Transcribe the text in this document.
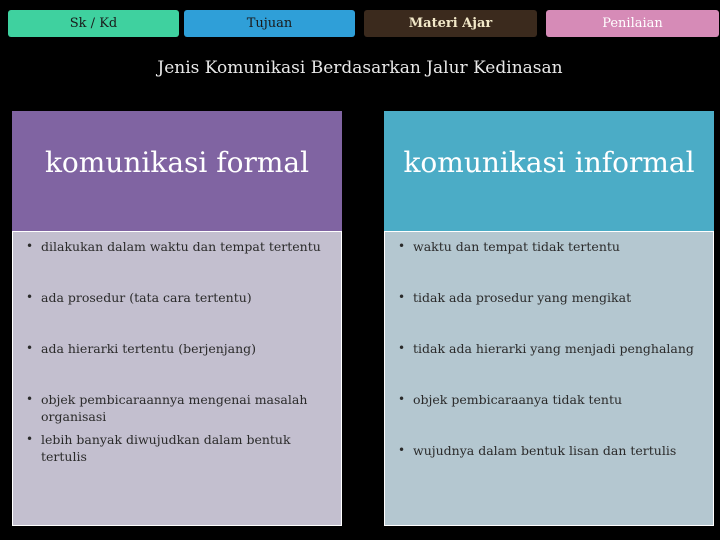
Sk / Kd	Tujuan	Materi Ajar	Penilaian
Jenis Komunikasi Berdasarkan Jalur Kedinasan
komunikasi formal
• dilakukan dalam waktu dan tempat tertentu
• ada prosedur (tata cara tertentu)
• ada hierarki tertentu (berjenjang)
• objek pembicaraannya mengenai masalah organisasi
• lebih banyak diwujudkan dalam bentuk tertulis
komunikasi informal
• waktu dan tempat tidak tertentu
• tidak ada prosedur yang mengikat
• tidak ada hierarki yang menjadi penghalang
• objek pembicaraanya tidak tentu
• wujudnya dalam bentuk lisan dan tertulis
